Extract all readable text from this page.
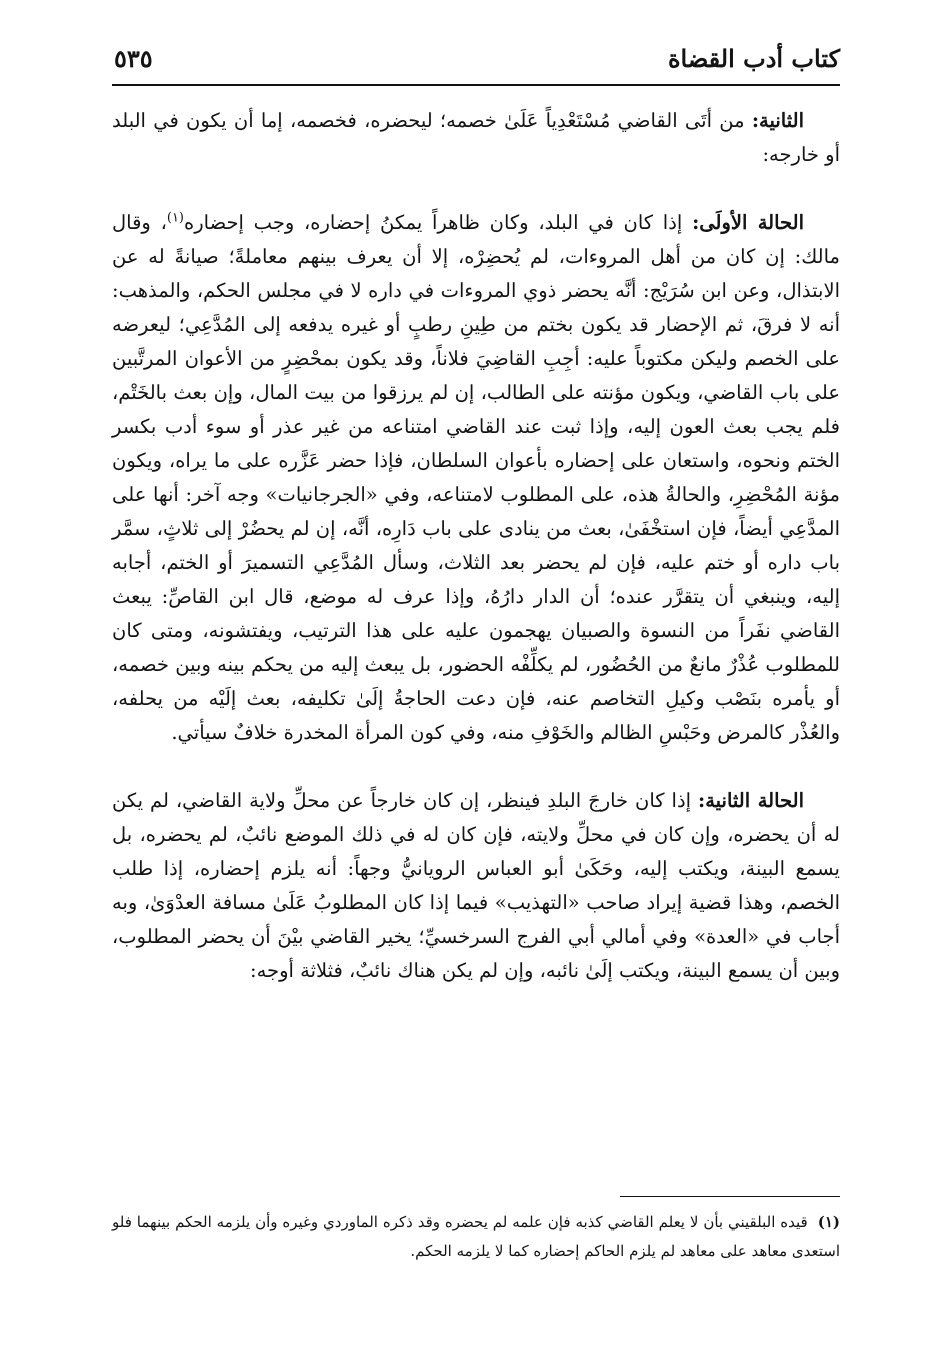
كتاب أدب القضاة
٥٣٥

الثانية: من أتَى القاضي مُسْتَعْدِياً عَلَىٰ خصمه؛ ليحضره، فخصمه، إما أن يكون في البلد أو خارجه:

الحالة الأولَى: إذا كان في البلد، وكان ظاهراً يمكنُ إحضاره، وجب إحضاره$^{(١)}$، وقال مالك: إن كان من أهل المروءات، لم يُحضِرْه، إلا أن يعرف بينهم معاملةً؛ صيانةً له عن الابتذال، وعن ابن سُرَيْج: أنَّه يحضر ذوي المروءات في داره لا في مجلس الحكم، والمذهب: أنه لا فرقَ، ثم الإحضار قد يكون بختم من طِينِ رطبٍ أو غيره يدفعه إلى المُدَّعِي؛ ليعرضه على الخصم وليكن مكتوباً عليه: أجِبِ القاضِيَ فلاناً، وقد يكون بمحْضِرٍ من الأعوان المرتَّبين على باب القاضي، ويكون مؤنته على الطالب، إن لم يرزقوا من بيت المال، وإن بعث بالخَتْم، فلم يجب بعث العون إليه، وإذا ثبت عند القاضي امتناعه من غير عذر أو سوء أدب بكسر الختم ونحوه، واستعان على إحضاره بأعوان السلطان، فإذا حضر عَزَّره على ما يراه، ويكون مؤنة المُحْضِرِ، والحالةُ هذه، على المطلوب لامتناعه، وفي «الجرجانيات» وجه آخر: أنها على المدَّعِي أيضاً، فإن استخْفَىٰ، بعث من ينادى على باب دَارِه، أنَّه، إن لم يحضُرْ إلى ثلاثٍ، سمَّر باب داره أو ختم عليه، فإن لم يحضر بعد الثلاث، وسأل المُدَّعِي التسميرَ أو الختم، أجابه إليه، وينبغي أن يتقرَّر عنده؛ أن الدار دارُهُ، وإذا عرف له موضع، قال ابن القاصِّ: يبعث القاضي نفَراً من النسوة والصبيان يهجمون عليه على هذا الترتيب، ويفتشونه، ومتى كان للمطلوب عُذْرٌ مانعٌ من الحُضُور، لم يكلِّفْه الحضور، بل يبعث إليه من يحكم بينه وبين خصمه، أو يأمره بنَصْب وكيلِ التخاصم عنه، فإن دعت الحاجةُ إلَىٰ تكليفه، بعث إلَيْه من يحلفه، والعُذْر كالمرض وحَبْسِ الظالم والخَوْفِ منه، وفي كون المرأة المخدرة خلافٌ سيأتي.

الحالة الثانية: إذا كان خارجَ البلدِ فينظر، إن كان خارجاً عن محلِّ ولاية القاضي، لم يكن له أن يحضره، وإن كان في محلِّ ولايته، فإن كان له في ذلك الموضع نائبٌ، لم يحضره، بل يسمع البينة، ويكتب إليه، وحَكَىٰ أبو العباس الرويانيُّ وجهاً: أنه يلزم إحضاره، إذا طلب الخصم، وهذا قضية إيراد صاحب «التهذيب» فيما إذا كان المطلوبُ عَلَىٰ مسافة العدْوَىٰ، وبه أجاب في «العدة» وفي أمالي أبي الفرج السرخسيِّ؛ يخير القاضي بيْنَ أن يحضر المطلوب، وبين أن يسمع البينة، ويكتب إلَىٰ نائبه، وإن لم يكن هناك نائبٌ، فثلاثة أوجه:

(١)قيده البلقيني بأن لا يعلم القاضي كذبه فإن علمه لم يحضره وقد ذكره الماوردي وغيره وأن يلزمه الحكم بينهما فلو استعدى معاهد على معاهد لم يلزم الحاكم إحضاره كما لا يلزمه الحكم.
